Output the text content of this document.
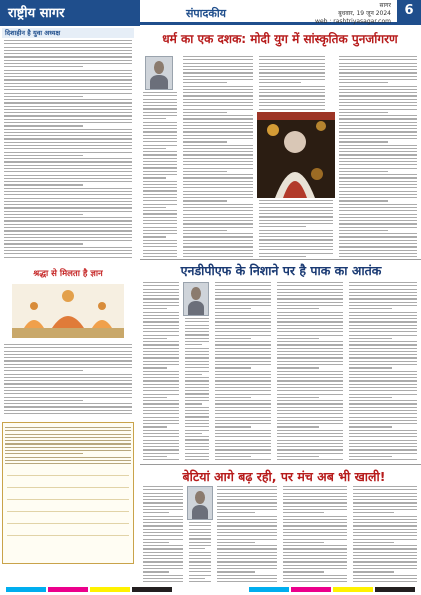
राष्ट्रीय सागर	संपादकीय
सागर
बुधवार, 19 जून 2024
web : rashtriyasagar.com
6
दिशाहीन है युवा अध्यक्ष
श्रद्धा से मिलता है ज्ञान
धर्म का एक दशक: मोदी युग में सांस्कृतिक पुनर्जागरण
एनडीपीएफ के निशाने पर है पाक का आतंक
बेटियां आगे बढ़ रही, पर मंच अब भी खाली!
